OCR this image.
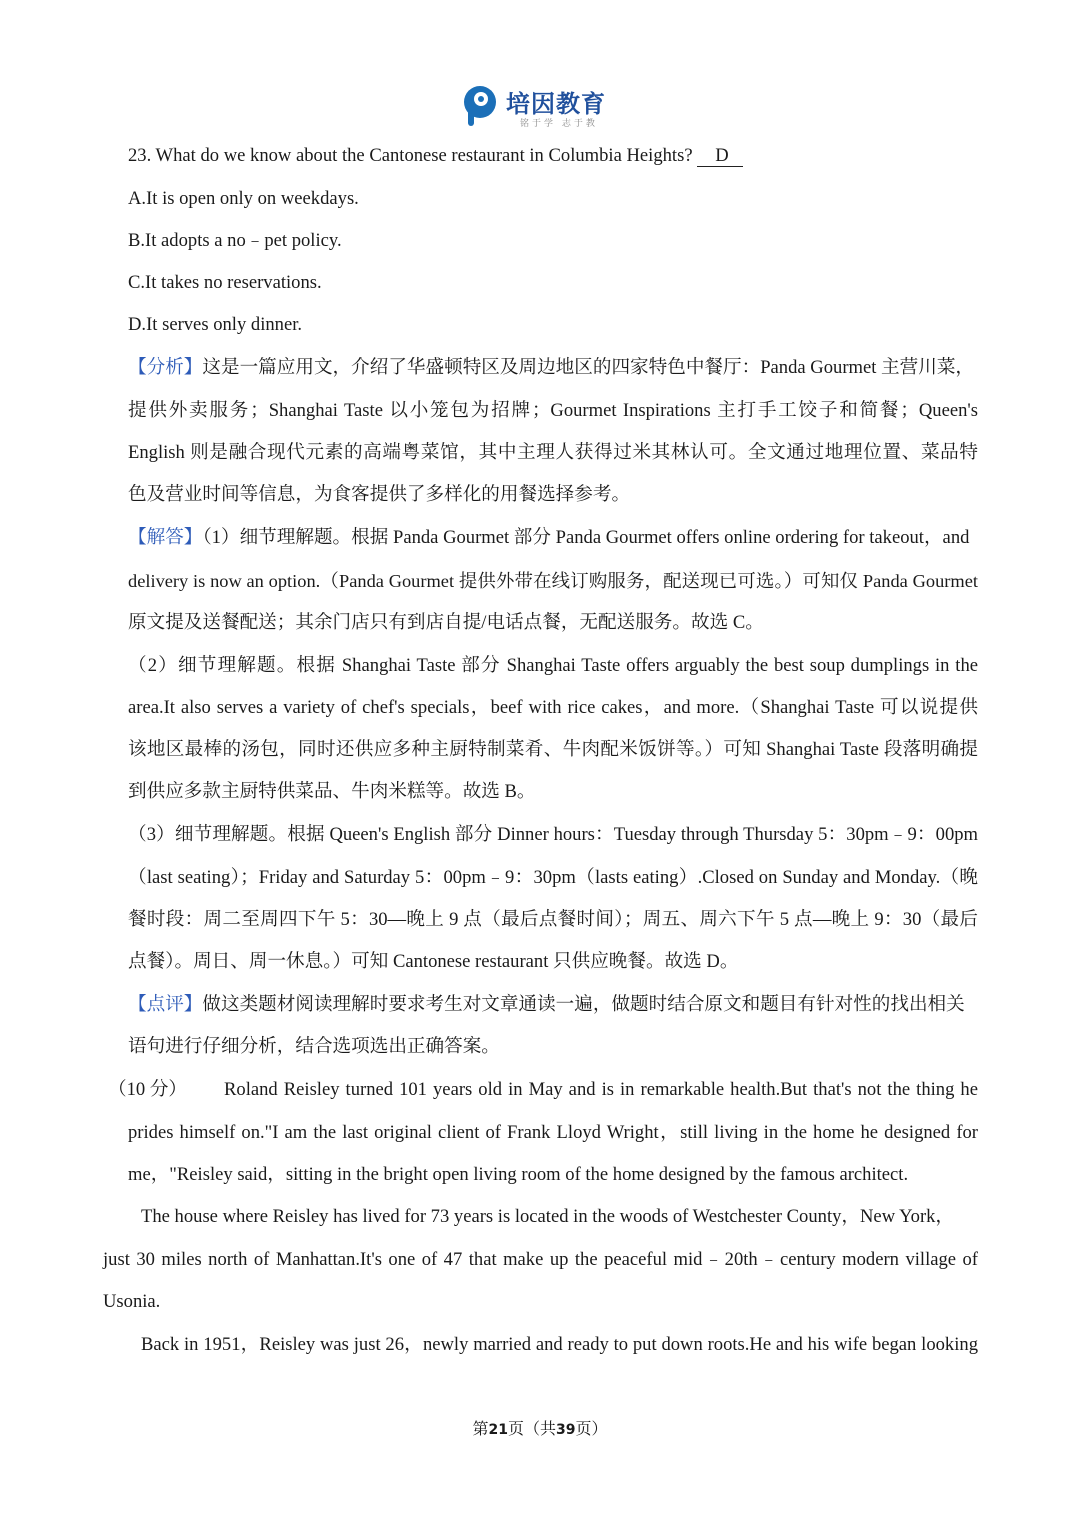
培因教育
铭于学 志于教
23. What do we know about the Cantonese restaurant in Columbia Heights? D
A.It is open only on weekdays.
B.It adopts a no﹣pet policy.
C.It takes no reservations.
D.It serves only dinner.
【分析】这是一篇应用文，介绍了华盛顿特区及周边地区的四家特色中餐厅：Panda Gourmet 主营川菜，
提供外卖服务；Shanghai Taste 以小笼包为招牌；Gourmet Inspirations 主打手工饺子和简餐；Queen's
English 则是融合现代元素的高端粤菜馆，其中主理人获得过米其林认可。全文通过地理位置、菜品特
色及营业时间等信息，为食客提供了多样化的用餐选择参考。
【解答】（1）细节理解题。根据 Panda Gourmet 部分 Panda Gourmet offers online ordering for takeout，and
delivery is now an option.（Panda Gourmet 提供外带在线订购服务，配送现已可选。）可知仅 Panda Gourmet
原文提及送餐配送；其余门店只有到店自提/电话点餐，无配送服务。故选 C。
（2）细节理解题。根据 Shanghai Taste 部分 Shanghai Taste offers arguably the best soup dumplings in the
area.It also serves a variety of chef's specials，beef with rice cakes，and more.（Shanghai Taste 可以说提供
该地区最棒的汤包，同时还供应多种主厨特制菜肴、牛肉配米饭饼等。）可知 Shanghai Taste 段落明确提
到供应多款主厨特供菜品、牛肉米糕等。故选 B。
（3）细节理解题。根据 Queen's English 部分 Dinner hours：Tuesday through Thursday 5：30pm﹣9：00pm
（last seating）；Friday and Saturday 5：00pm﹣9：30pm（lasts eating）.Closed on Sunday and Monday.（晚
餐时段：周二至周四下午 5：30—晚上 9 点（最后点餐时间）；周五、周六下午 5 点—晚上 9：30（最后
点餐）。周日、周一休息。）可知 Cantonese restaurant 只供应晚餐。故选 D。
【点评】做这类题材阅读理解时要求考生对文章通读一遍，做题时结合原文和题目有针对性的找出相关
语句进行仔细分析，结合选项选出正确答案。
（10 分） Roland Reisley turned 101 years old in May and is in remarkable health.But that's not the thing he
prides himself on."I am the last original client of Frank Lloyd Wright，still living in the home he designed for
me，"Reisley said，sitting in the bright open living room of the home designed by the famous architect.
The house where Reisley has lived for 73 years is located in the woods of Westchester County，New York，
just 30 miles north of Manhattan.It's one of 47 that make up the peaceful mid﹣20th﹣century modern village of
Usonia.
Back in 1951，Reisley was just 26，newly married and ready to put down roots.He and his wife began looking
第21页（共39页）
